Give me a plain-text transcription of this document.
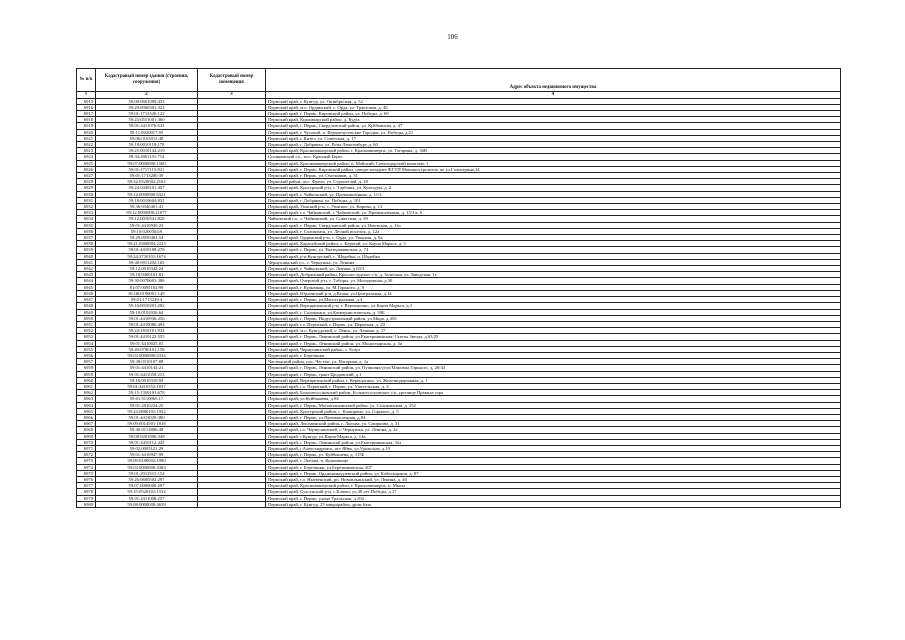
106
№ п/п	Кадастровый номер здания (строения, сооружения)	Кадастровый номер помещения	Адрес объекта недвижимого имущества
1	2	3	4
6915	59:08:0601009:433		Пермский край, г. Кунгур, ул. Октябрьская, д. 52
6916	59:29:0060301:323		Пермский край, м.о. Ординский, с. Орда, ул. Трактовая, д. 40
6917	59:01:1713326:122		Пермский край, г. Пермь, Кировский район, ул. Победы, д. 69
6918	59:23:0551001:360		Пермский край, Кудымкарский район, д. Кудза
6919	59:01:4411076:643		Пермский край, г. Пермь, Свердловский район, ул. Куйбышева, д. 47
6920	59:11:0020017:95		Пермский край, г. Чусовой, п. Верхнечусовские Городки, ул. Победы, д.21
6921	59:06:0103013:48		Пермский край, г. Кизел, ул. Советская, д. 17
6922	59:18:0010118:178		Пермский край, г. Добрянка, ул. Розы Люксембург, д. 60
6923	59:25:0010144:219		Пермский край, Красновишерский район, г. Красновишерск, ул. Гагарина, д. 36В
6924	59:34:4901101:714		Соликамский г.о., пос. Красный Берег
6925	59:07:0000000:1560		Пермский край, Красновишерский район, п. Майский, Совхоздорский комплекс 1
6926	59:01:1717115:821		Пермский край, г. Пермь, Кировский район, северо-западнее ФГУП Машиностроитель по ул.Гальперина,34
6927	59:01:1713280:39		Пермский край, г. Пермь, ул. Охотников, д. 31
6928	59:32:0320002:2102		Пермский район, пос. Фроль, ул. Строителей, д. 28
6929	59:24:0430101:457		Пермский край, Кунгурский р-н, с. Тарбаны, ул. Культуры, д. 2
6930	59:12:0000000:6321		Пермский край, г. Чайковский, ул. Промышленная, д. 11/2
6931	59:18:0010604:831		Пермский край, г. Добрянка, ул. Победы, д. 101
6932	59:36:0340401:41		Пермский край, Уинский р-н, с. Уинское, ул. Кирова, д. 13
6933	59:12:0000000:21077		Пермский край, г.о. Чайковский, г. Чайковский, ул. Промышленная, д. 13/3 к. 6
6934	59:12:0010541:820		Чайковский г.о., г. Чайковский, ул. Советская, д. 39
6935	59:01:4410930:23		Пермский край, г. Пермь, Свердловский район, ул. Ижевская, д. 12а
6936	59:10:0200304:9		Пермский край, г. Соликамск, ул. Лесной поселок, д. 12а
6937	59:29:0050404:54		Пермский край, Ординский р-н, с. Орда, ул. Уинская, д. 8а
6938	59:21:0360004:2223		Пермский край, Карагайский район, с. Карагай, ул. Карла Маркса, д. 5
6939	59:01:4410108:278		Пермский край, г. Пермь, ул. Екатерининская, д. 74
6940	59:24:2730101:1674		Пермский край, р-н Кунгурский, с. Шадейка, п. Шадейка
6941	59:40:0911202:165		Чернушинский г.о., г. Чернушка, ул. Ленина
6942	59:12:0010342:24		Пермский край, г. Чайковский, ул. Ленина, д.63/3
6943	59:18:0400101:81		Пермский край, Добрянский район, Краснослудское с/п, д. Залесная, ул. Заводская, 1е
6944	59:30:0070601:386		Пермский край, Очерский р-н, с. Таборы, ул. Молодежная, д.30
6945	81:07:0095102:99		Пермский край, г. Кудымкар, ул. М.Горького, д. 9
6946	81:08:0190001:149		Пермский край, Юрлинский р-н, д.Келья, ул.Центральная, д.14
6947	59:01:1713239:4		Пермский край, г. Пермь, ул.Магистральная, д.4
6948	59:16:0010201:282		Пермский край, Верещагинский р-н, г. Верещагино, ул.Карла Маркса, д.3
6949	59:10:0102026:64		Пермский край, г. Соликамск, ул.Коммунистическая, д. 39Б
6950	59:01:4410936:256		Пермский край, г. Пермь, Индустриальный район, ул.Мира, д.45б
6951	59:01:4410086:494		Пермский край, г.о. Пермский, г. Пермь, ул. Пермская, д. 29
6952	59:24:1810101:934		Пермский край, м.о. Кунгурский, с. Ленск, ул. Ленина, д. 17
6953	59:01:4410122:555		Пермский край, г. Пермь, Ленинский район, ул.Екатерининская/ Газеты Звезда, д.63/25
6954	59:01:4410025:81		Пермский край, г. Пермь, Ленинский район, ул. Монастырская, д. 3а
6955	59:40:0700101:158		Пермский край, Чернушинский район, с. Есаул
6956	59:03:0000000:6334		Пермский край, г. Березники
6957	59:38:0310107:88		Частинский район, пос. Частые, ул. Нагорная, д. 1а
6958	59:01:4410144:21		Пермский край, г. Пермь, Ленинский район, ул. Пушкина/угол/Максима Горького, д. 20/44
6959	59:01:4411058:213		Пермский край, г. Пермь, тракт Бродовский, д.1
6960	59:16:0010310:93		Пермский край, Верещагинский район, г. Верещагино, ул. Железнодорожная, д. 1
6961	59:01:4410352:1037		Пермский край, г.о. Пермский, г. Пермь, ул. Учительская, д. 3
6962	59:15:1350101:678		Пермский край, Большесосновский район, Большесосновское с/п, урочище Правила гора
6963	59:01:5110065:17		Пермский край, ул.Куйбышева, д.84
6964	59:01:2810234:25		Пермский край, г. Пермь, Мотовилихинский район, ул. Соликамская, д. 252
6965	59:24:0880101:1952		Пермский край, Кунгурский район, с. Каширино, ул. Горького, д. 5
6966	59:01:4413020:380		Пермский край, г. Пермь, ул.Промышленная, д.84
6967	59:09:0014501:1018		Пермский край, Лысьвенский район, г. Лысьва, ул. Смирнова, д. 31
6968	59:40:0112806:48		Пермский край, г.о. Чернушинский, г. Чернушка, ул. Ленина, д. 2а
6969	59:08:0201006:348		Пермский край, г.Кунгур, ул.Карла Маркса, д. 14а
6970	59:01:4410112:445		Пермский край, г. Пермь, Ленинский район, ул.Екатерининская, 32а
6971	59:02:0003121:29		Пермский край, г.Александровск, пгт Яйва, ул.Уральская, д.19
6972	59:01:4410947:99		Пермский край, г. Пермь, ул. Куйбышева, д. 115Б
6973	59:09:0180002:1980		Пермский край, г. Лысьва, п. Кормовище
6974	59:03:0000000:4383		Пермский край, г. Березники, ул.Березниковская, 207
6975	59:01:2912515:154		Пермский край, г. Пермь, Орджоникидзевский район, ул. Кабельщиков, д. 87
6976	59:26:0600502:297		Пермский край, г.о. Нытвенский, рп. Новоильинский, ул. Ленина, д. 40
6977	59:07:0000000:297		Пермский край, Красновишерский район, г. Красновишерск, п. Мысы
6978	59:35:0520101:1532		Пермский край, Суксунский р-н, с.Ключи, ул.40 лет Победы, д.17
6979	59:01:4311008:257		Пермский край, г. Пермь, улица Уральская, д.104
6980	59:08:0000000:4639		Пермский край, г. Кунгур, 25 микрорайон, дром база
